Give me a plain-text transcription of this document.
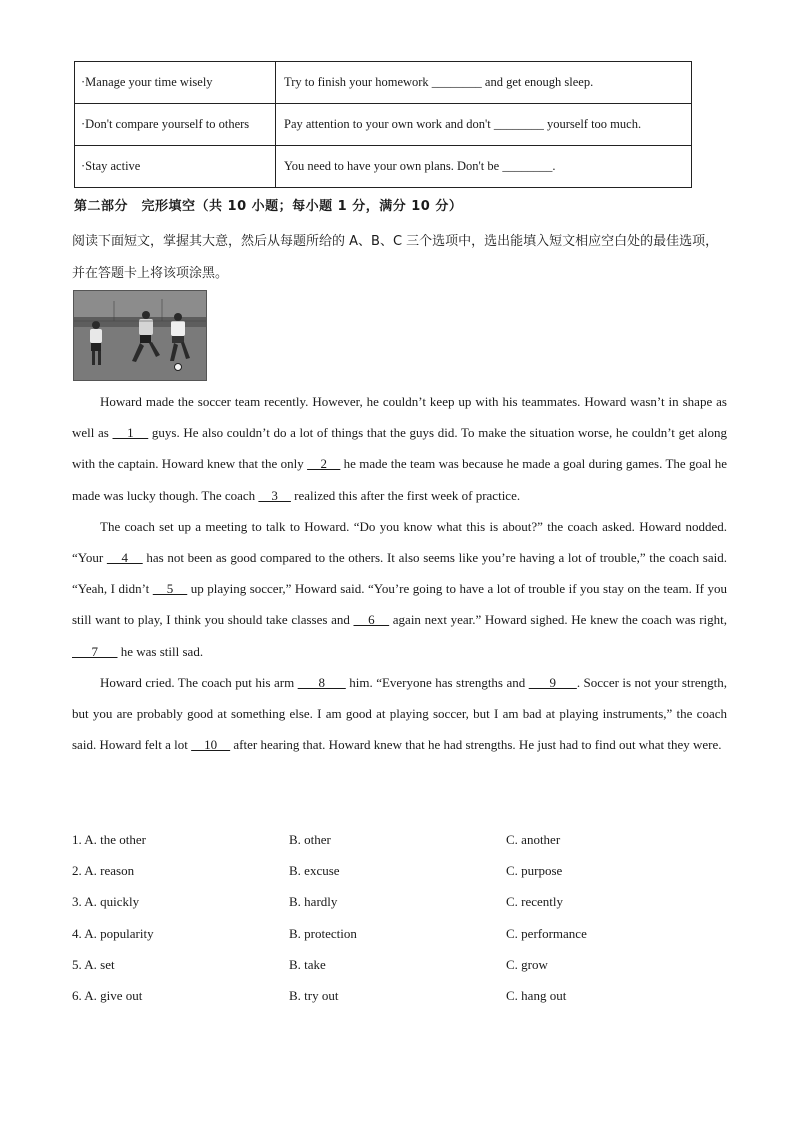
·Manage your time wisely	Try to finish your homework ________ and get enough sleep.
·Don't compare yourself to others	Pay attention to your own work and don't ________ yourself too much.
·Stay active	You need to have your own plans. Don't be ________.
第二部分　完形填空（共 10 小题；每小题 1 分，满分 10 分）
阅读下面短文，掌握其大意，然后从每题所给的 A、B、C 三个选项中，选出能填入短文相应空白处的最佳选项，并在答题卡上将该项涂黑。

Howard made the soccer team recently. However, he couldn’t keep up with his teammates. Howard wasn’t in shape as well as     1     guys. He also couldn’t do a lot of things that the guys did. To make the situation worse, he couldn’t get along with the captain. Howard knew that the only     2     he made the team was because he made a goal during games. The goal he made was lucky though. The coach     3     realized this after the first week of practice.

The coach set up a meeting to talk to Howard. “Do you know what this is about?” the coach asked. Howard nodded. “Your     4     has not been as good compared to the others. It also seems like you’re having a lot of trouble,” the coach said. “Yeah, I didn’t     5     up playing soccer,” Howard said. “You’re going to have a lot of trouble if you stay on the team. If you still want to play, I think you should take classes and     6     again next year.” Howard sighed. He knew the coach was right,       7       he was still sad.

Howard cried. The coach put his arm       8       him. “Everyone has strengths and       9      . Soccer is not your strength, but you are probably good at something else. I am good at playing soccer, but I am bad at playing instruments,” the coach said. Howard felt a lot     10     after hearing that. Howard knew that he had strengths. He just had to find out what they were.

1. A. the other	B. other	C. another
2. A. reason	B. excuse	C. purpose
3. A. quickly	B. hardly	C. recently
4. A. popularity	B. protection	C. performance
5. A. set	B. take	C. grow
6. A. give out	B. try out	C. hang out
